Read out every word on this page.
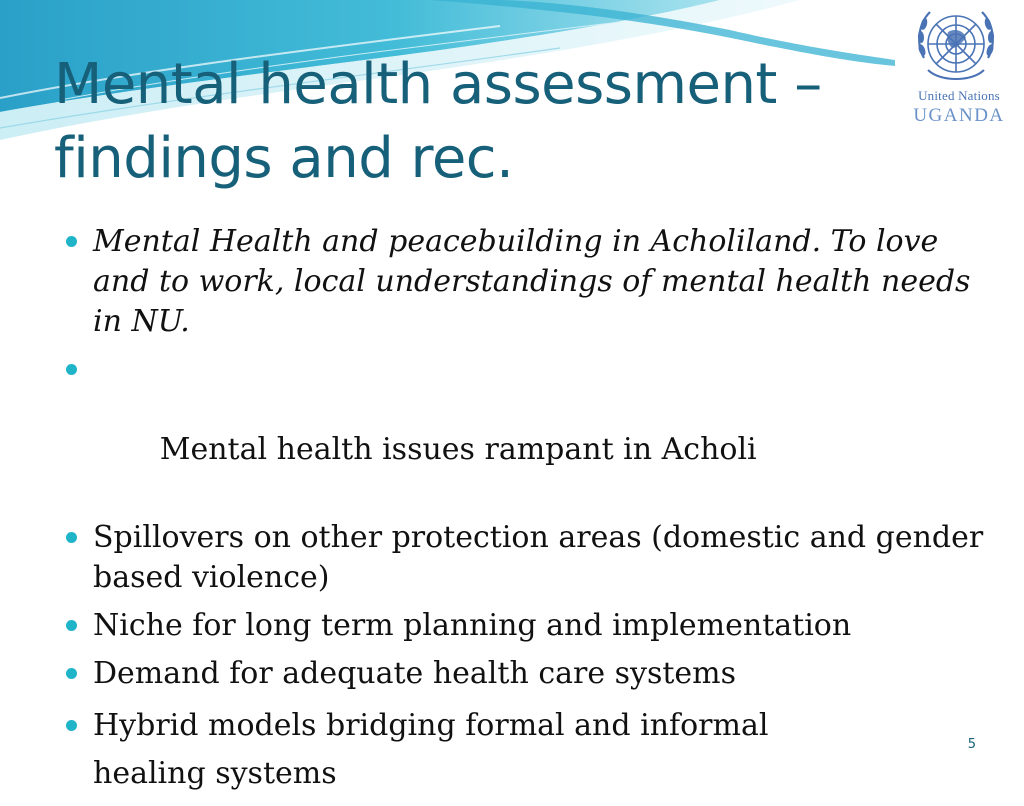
Mental health assessment – findings and rec.
United Nations
UGANDA
Mental Health and peacebuilding in Acholiland. To love and to work, local understandings of mental health needs in NU.

Mental health issues rampant in Acholi

Spillovers on other protection areas (domestic and gender based violence)
Niche for long term planning and implementation
Demand for adequate health care systems
Hybrid models bridging formal and informal healing systems
5
